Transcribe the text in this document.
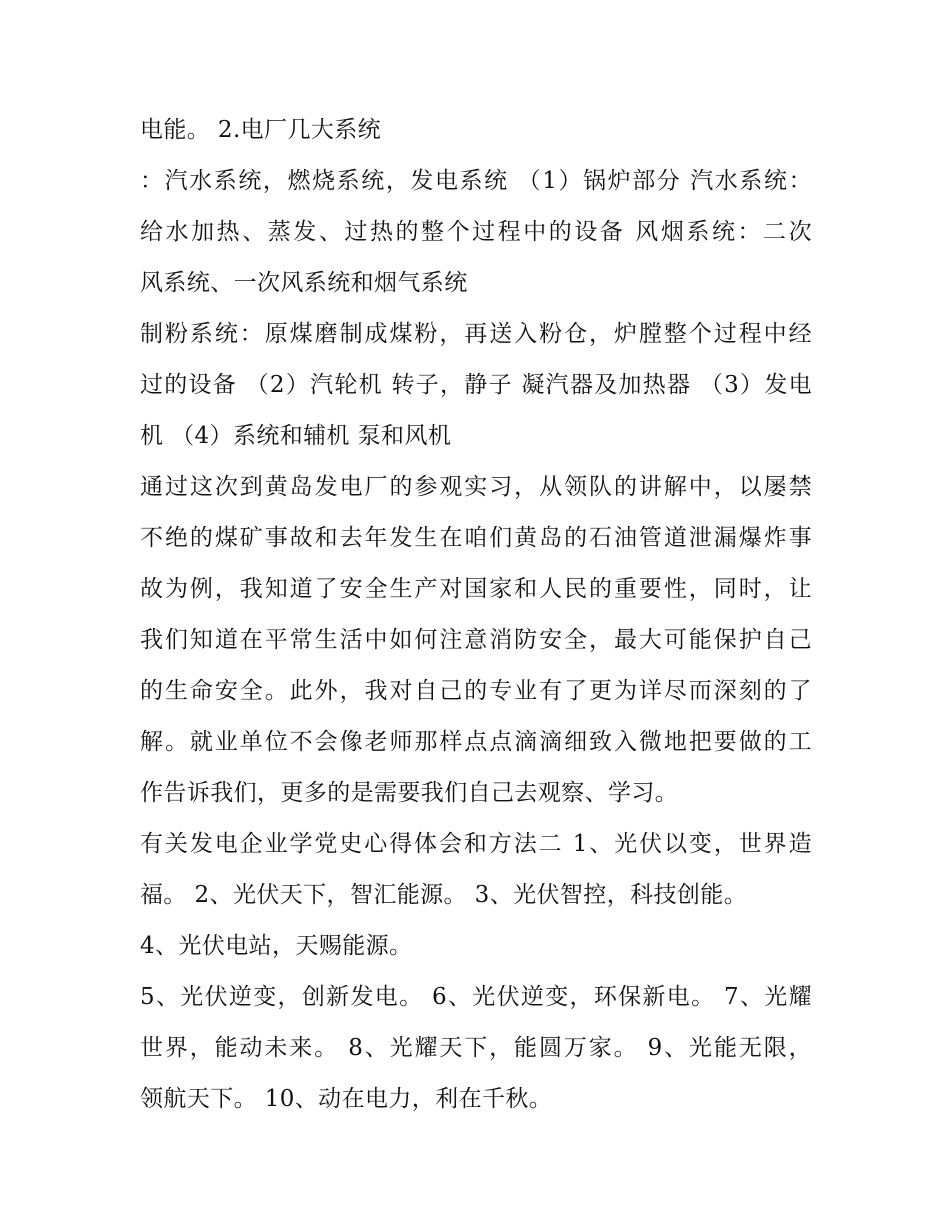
电能。 2.电厂几大系统
：汽水系统，燃烧系统，发电系统 （1）锅炉部分 汽水系统：
给水加热、蒸发、过热的整个过程中的设备 风烟系统：二次
风系统、一次风系统和烟气系统
制粉系统：原煤磨制成煤粉，再送入粉仓，炉膛整个过程中经
过的设备 （2）汽轮机 转子，静子 凝汽器及加热器 （3）发电
机 （4）系统和辅机 泵和风机
通过这次到黄岛发电厂的参观实习，从领队的讲解中，以屡禁
不绝的煤矿事故和去年发生在咱们黄岛的石油管道泄漏爆炸事
故为例，我知道了安全生产对国家和人民的重要性，同时，让
我们知道在平常生活中如何注意消防安全，最大可能保护自己
的生命安全。此外，我对自己的专业有了更为详尽而深刻的了
解。就业单位不会像老师那样点点滴滴细致入微地把要做的工
作告诉我们，更多的是需要我们自己去观察、学习。
有关发电企业学党史心得体会和方法二 1、光伏以变，世界造
福。 2、光伏天下，智汇能源。 3、光伏智控，科技创能。
4、光伏电站，天赐能源。
5、光伏逆变，创新发电。 6、光伏逆变，环保新电。 7、光耀
世界，能动未来。 8、光耀天下，能圆万家。 9、光能无限，
领航天下。 10、动在电力，利在千秋。
